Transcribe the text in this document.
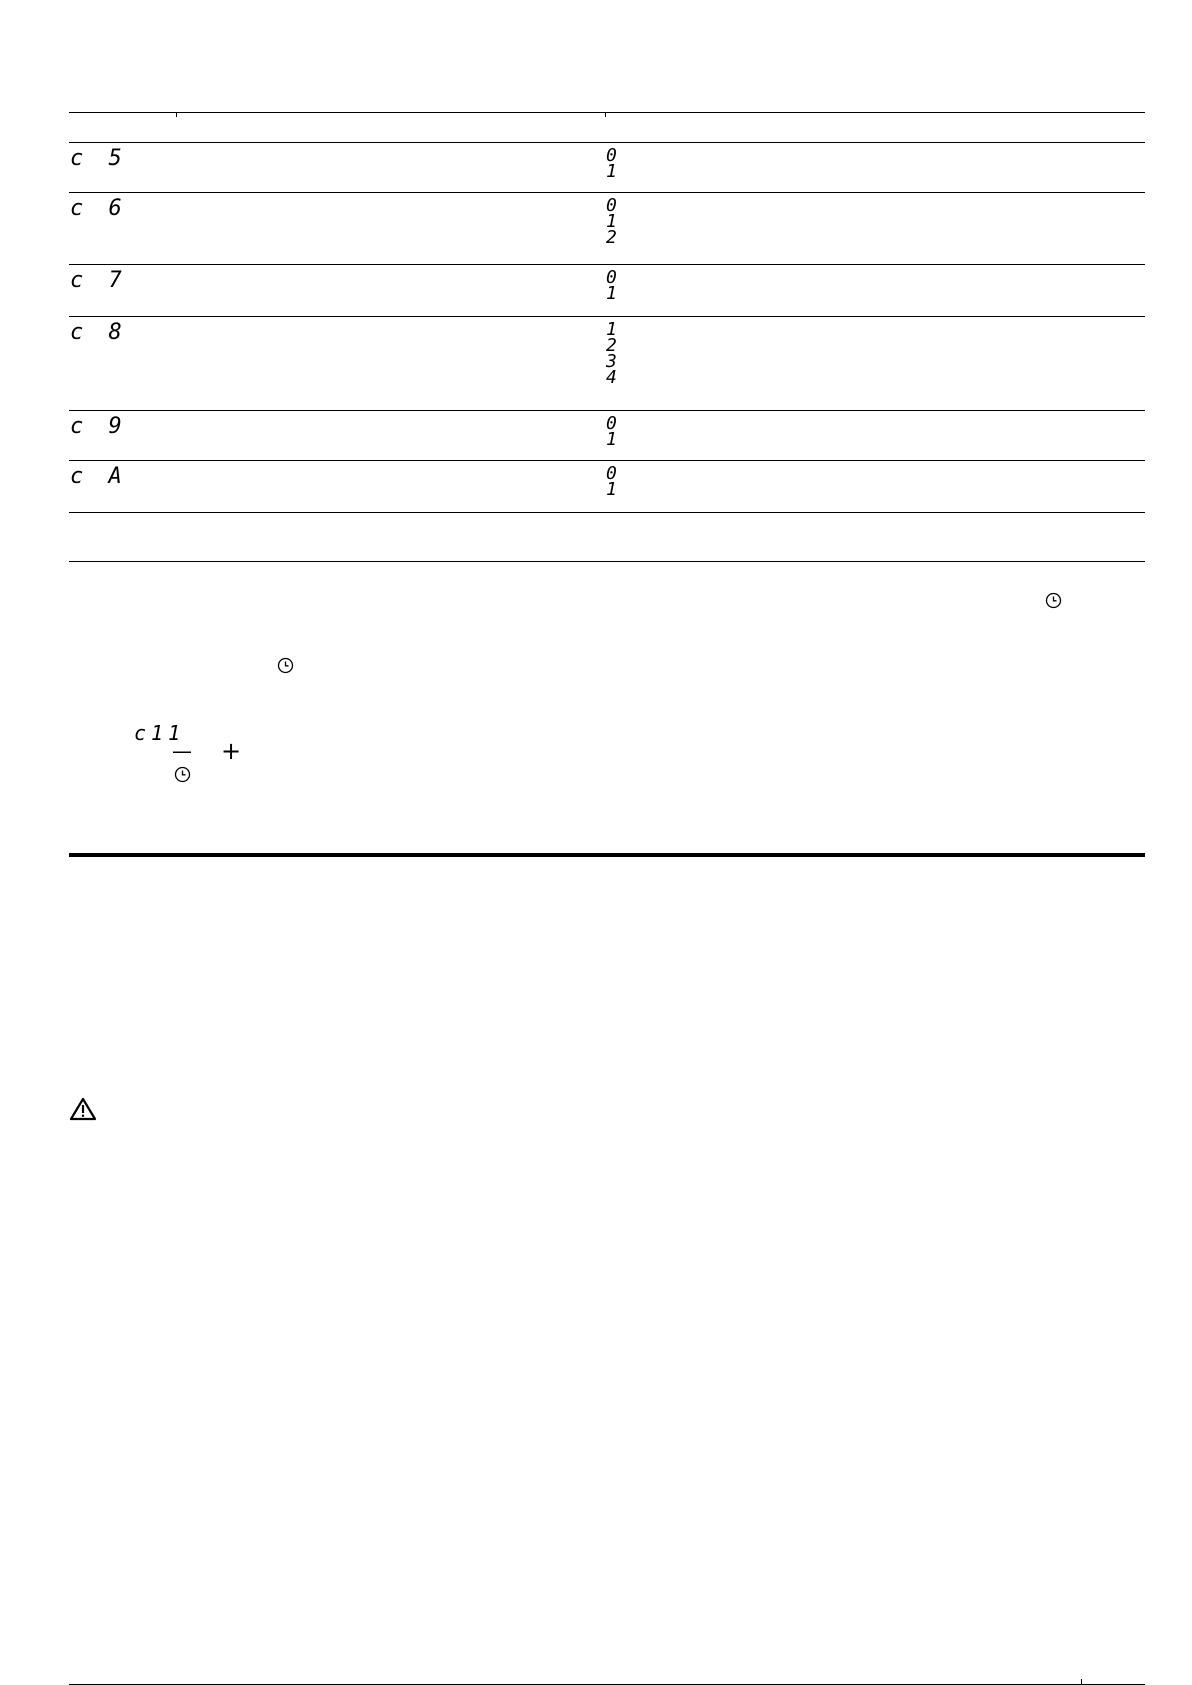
c 5	0
1
c 6	0
1
2
c 7	0
1
c 8	1
2
3
4
c 9	0
1
c A	0
1
c11
— +
